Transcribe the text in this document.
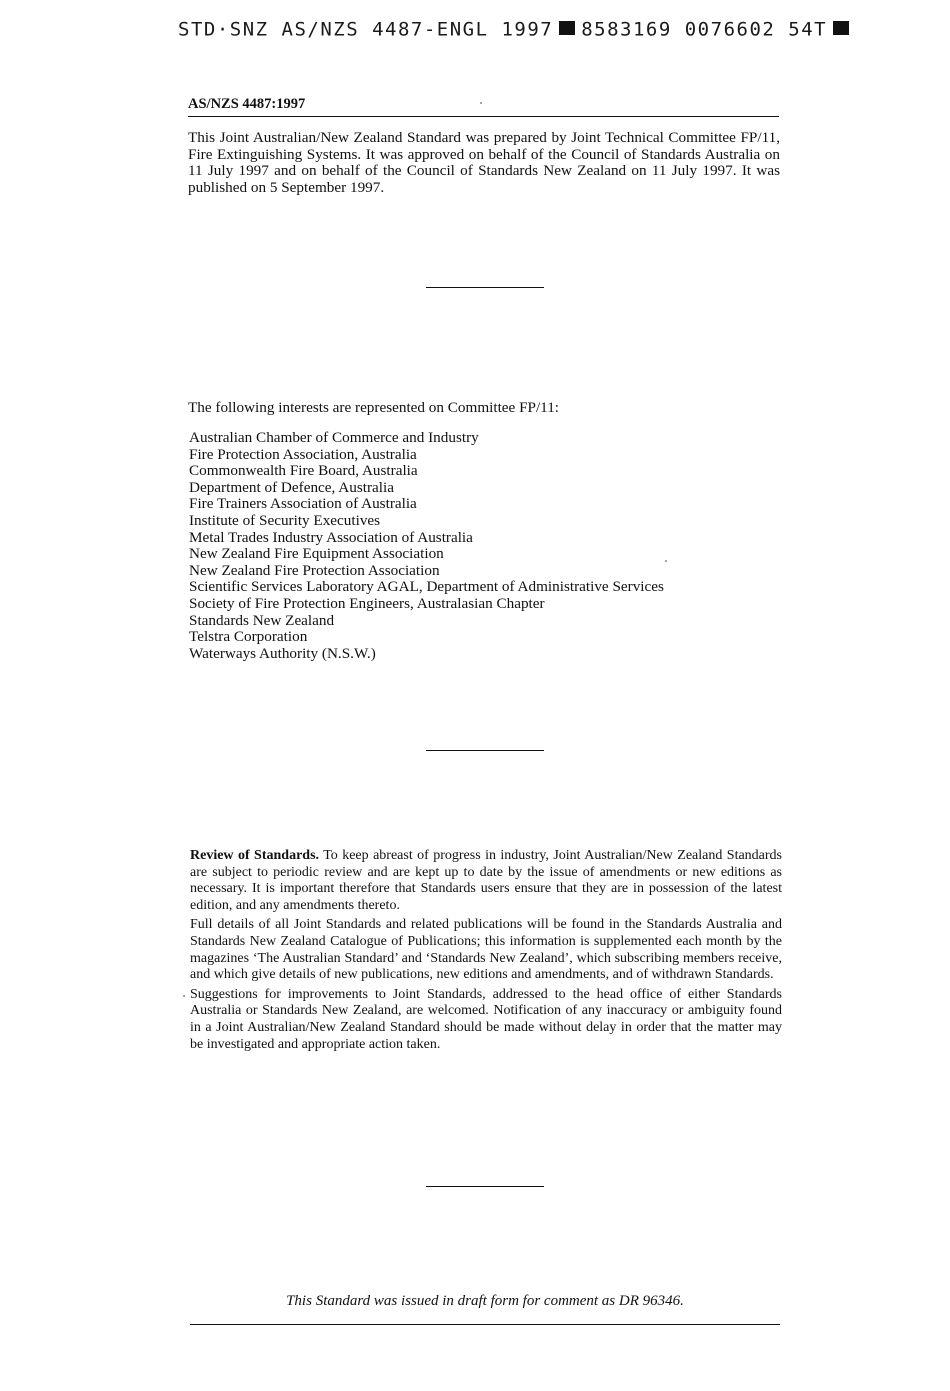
STD·SNZ AS/NZS 4487-ENGL 1997 8583169 0076602 54T
AS/NZS 4487:1997
This Joint Australian/New Zealand Standard was prepared by Joint Technical Committee FP/11, Fire Extinguishing Systems. It was approved on behalf of the Council of Standards Australia on 11 July 1997 and on behalf of the Council of Standards New Zealand on 11 July 1997. It was published on 5 September 1997.
The following interests are represented on Committee FP/11:
Australian Chamber of Commerce and Industry
Fire Protection Association, Australia
Commonwealth Fire Board, Australia
Department of Defence, Australia
Fire Trainers Association of Australia
Institute of Security Executives
Metal Trades Industry Association of Australia
New Zealand Fire Equipment Association
New Zealand Fire Protection Association
Scientific Services Laboratory AGAL, Department of Administrative Services
Society of Fire Protection Engineers, Australasian Chapter
Standards New Zealand
Telstra Corporation
Waterways Authority (N.S.W.)

Review of Standards. To keep abreast of progress in industry, Joint Australian/New Zealand Standards are subject to periodic review and are kept up to date by the issue of amendments or new editions as necessary. It is important therefore that Standards users ensure that they are in possession of the latest edition, and any amendments thereto.

Full details of all Joint Standards and related publications will be found in the Standards Australia and Standards New Zealand Catalogue of Publications; this information is supplemented each month by the magazines ‘The Australian Standard’ and ‘Standards New Zealand’, which subscribing members receive, and which give details of new publications, new editions and amendments, and of withdrawn Standards.

Suggestions for improvements to Joint Standards, addressed to the head office of either Standards Australia or Standards New Zealand, are welcomed. Notification of any inaccuracy or ambiguity found in a Joint Australian/New Zealand Standard should be made without delay in order that the matter may be investigated and appropriate action taken.

This Standard was issued in draft form for comment as DR 96346.
